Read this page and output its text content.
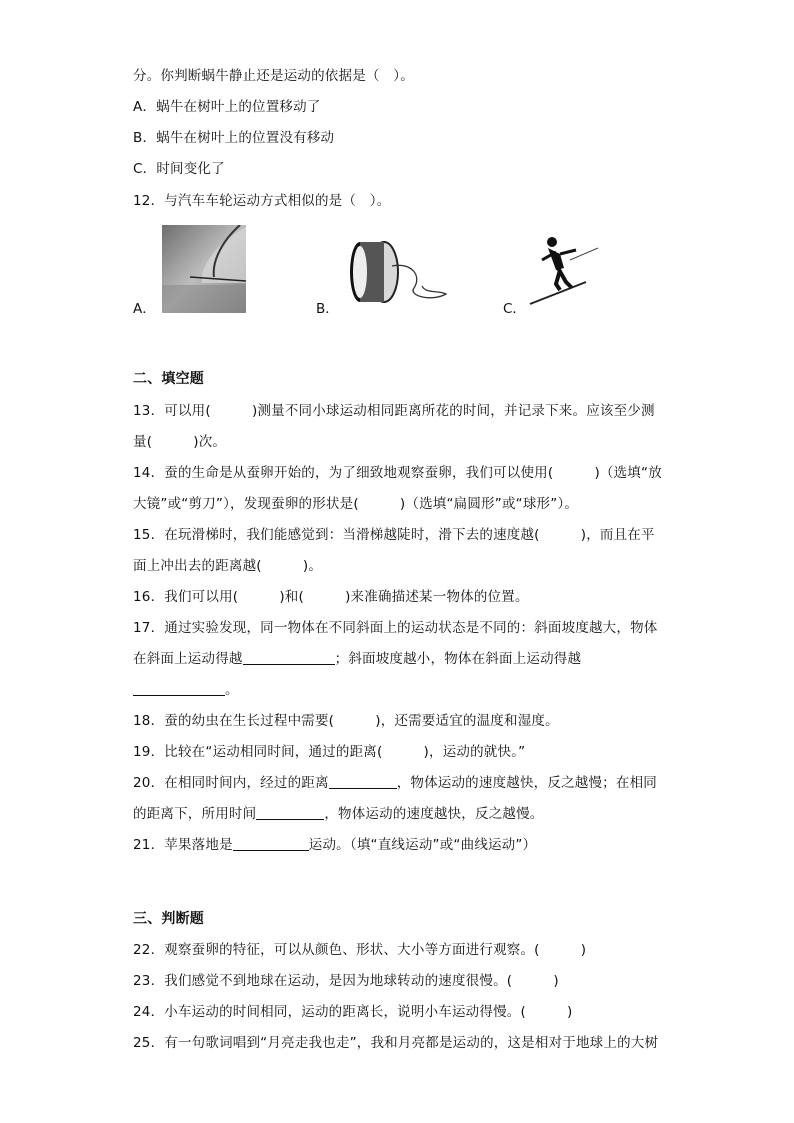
分。你判断蜗牛静止还是运动的依据是（　）。
A．蜗牛在树叶上的位置移动了
B．蜗牛在树叶上的位置没有移动
C．时间变化了
12．与汽车车轮运动方式相似的是（　）。
A．	B．	C．
二、填空题
13．可以用(　　　)测量不同小球运动相同距离所花的时间，并记录下来。应该至少测
量(　　　)次。
14．蚕的生命是从蚕卵开始的，为了细致地观察蚕卵，我们可以使用(　　　)（选填“放
大镜”或“剪刀”），发现蚕卵的形状是(　　　)（选填“扁圆形”或“球形”）。
15．在玩滑梯时，我们能感觉到：当滑梯越陡时，滑下去的速度越(　　　)，而且在平
面上冲出去的距离越(　　　)。
16．我们可以用(　　　)和(　　　)来准确描述某一物体的位置。
17．通过实验发现，同一物体在不同斜面上的运动状态是不同的：斜面坡度越大，物体
在斜面上运动得越	；斜面坡度越小，物体在斜面上运动得越
。
18．蚕的幼虫在生长过程中需要(　　　)，还需要适宜的温度和湿度。
19．比较在“运动相同时间，通过的距离(　　　)，运动的就快。”
20．在相同时间内，经过的距离	，物体运动的速度越快，反之越慢；在相同
的距离下，所用时间	，物体运动的速度越快，反之越慢。
21．苹果落地是	运动。（填“直线运动”或“曲线运动”）
三、判断题
22．观察蚕卵的特征，可以从颜色、形状、大小等方面进行观察。(　　　)
23．我们感觉不到地球在运动，是因为地球转动的速度很慢。(　　　)
24．小车运动的时间相同，运动的距离长，说明小车运动得慢。(　　　)
25．有一句歌词唱到“月亮走我也走”，我和月亮都是运动的，这是相对于地球上的大树
